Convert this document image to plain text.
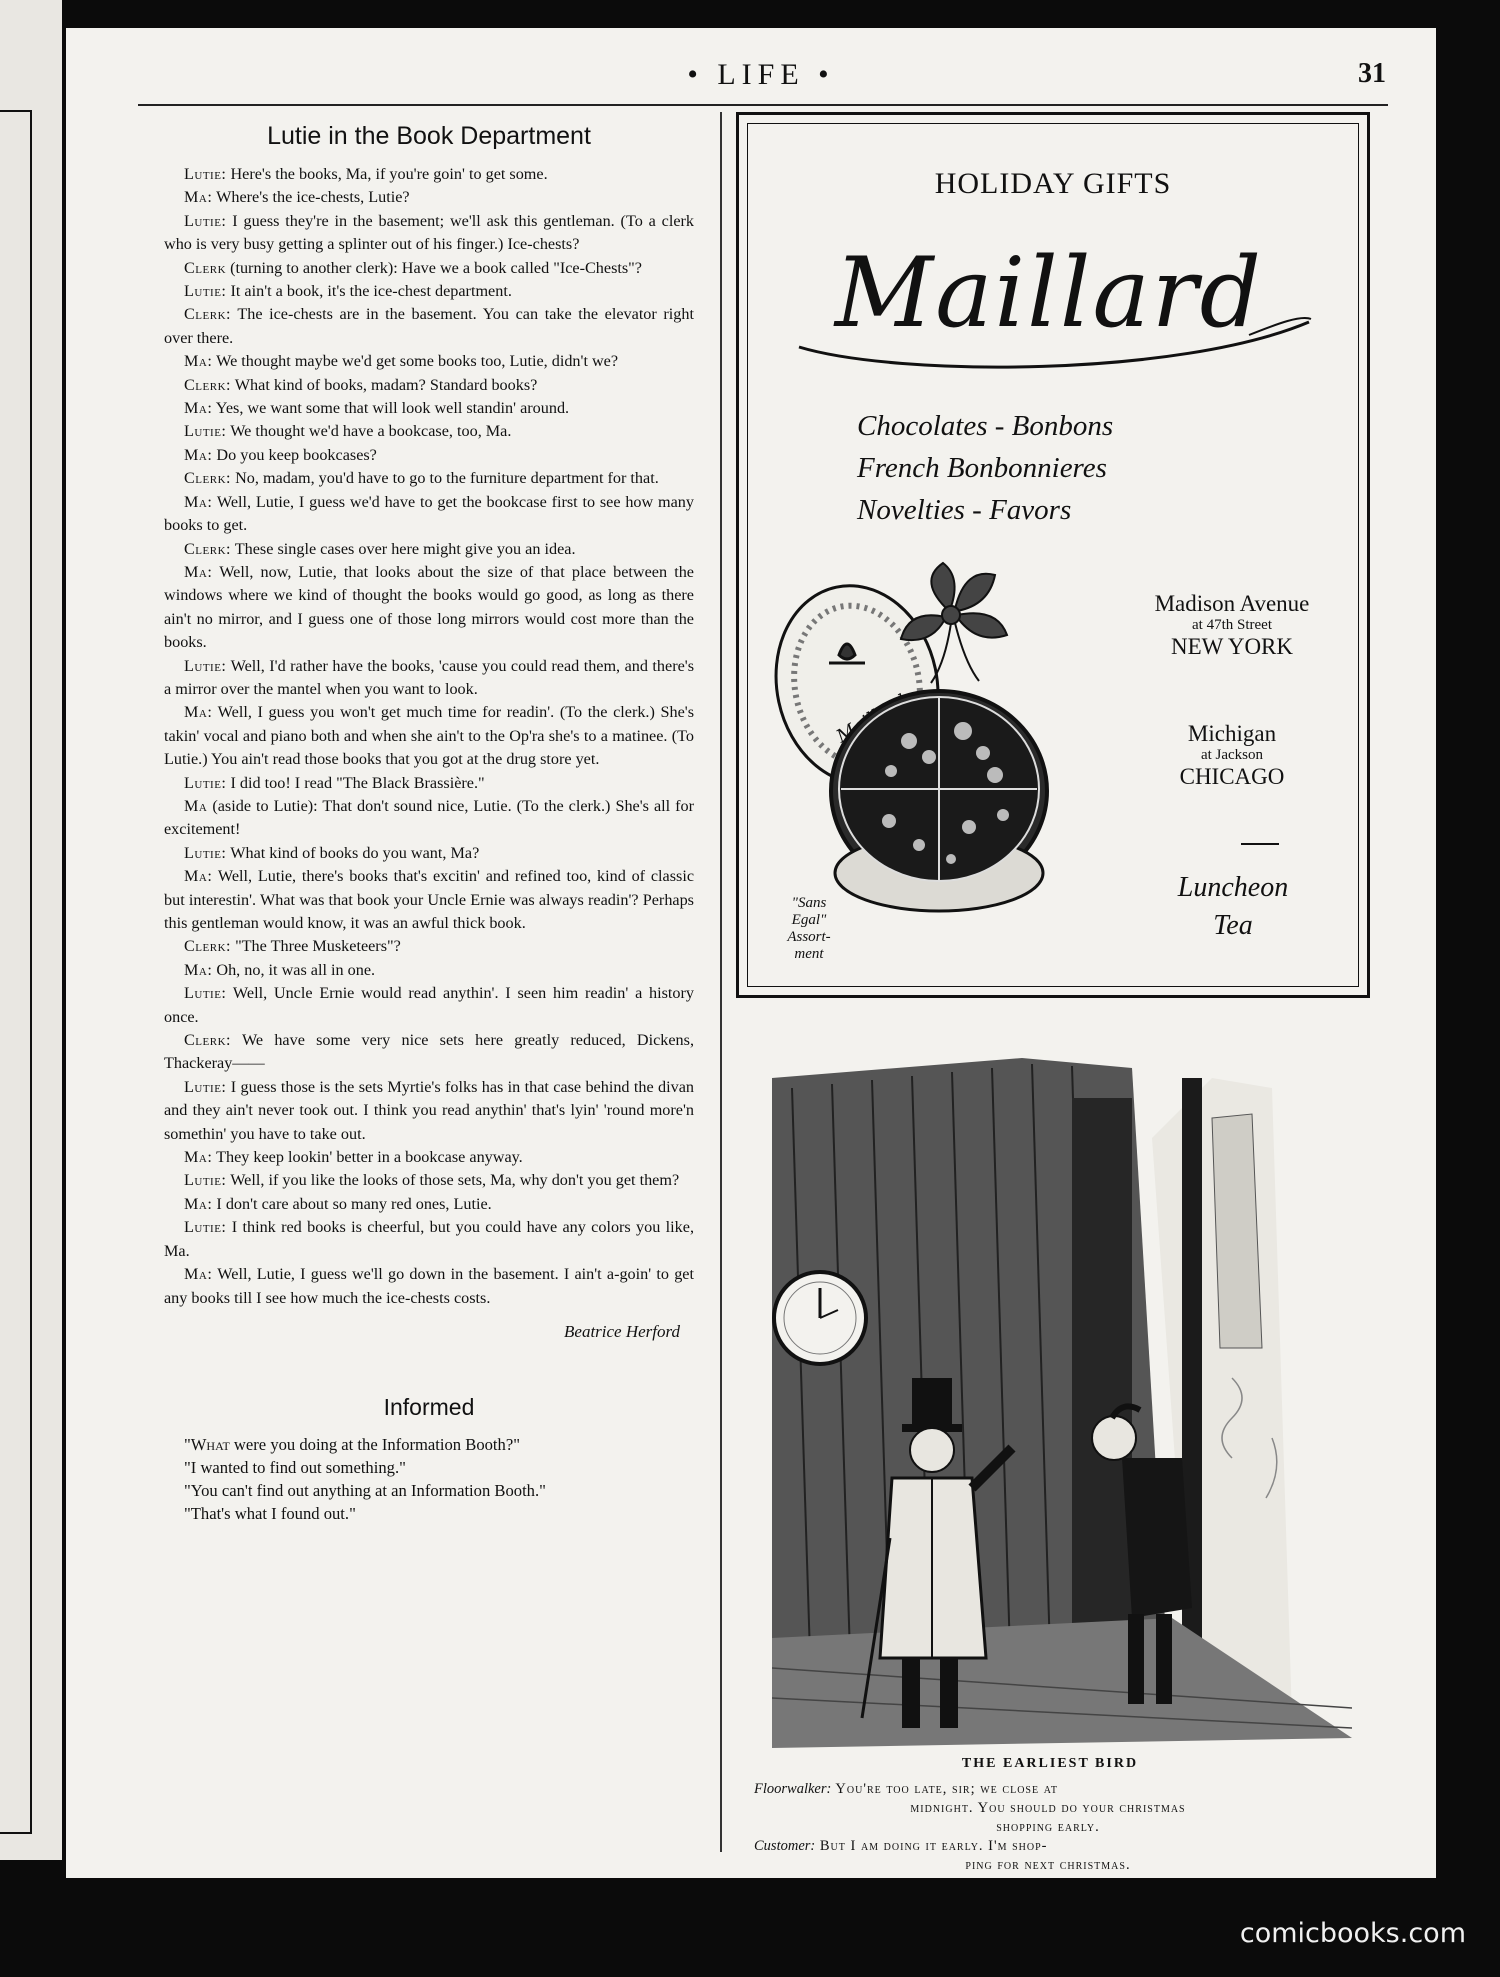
• LIFE •	31
Lutie in the Book Department

Lutie: Here's the books, Ma, if you're goin' to get some.

Ma: Where's the ice-chests, Lutie?

Lutie: I guess they're in the basement; we'll ask this gentleman. (To a clerk who is very busy getting a splinter out of his finger.) Ice-chests?

Clerk (turning to another clerk): Have we a book called "Ice-Chests"?

Lutie: It ain't a book, it's the ice-chest department.

Clerk: The ice-chests are in the basement. You can take the elevator right over there.

Ma: We thought maybe we'd get some books too, Lutie, didn't we?

Clerk: What kind of books, madam? Standard books?

Ma: Yes, we want some that will look well standin' around.

Lutie: We thought we'd have a bookcase, too, Ma.

Ma: Do you keep bookcases?

Clerk: No, madam, you'd have to go to the furniture department for that.

Ma: Well, Lutie, I guess we'd have to get the bookcase first to see how many books to get.

Clerk: These single cases over here might give you an idea.

Ma: Well, now, Lutie, that looks about the size of that place between the windows where we kind of thought the books would go good, as long as there ain't no mirror, and I guess one of those long mirrors would cost more than the books.

Lutie: Well, I'd rather have the books, 'cause you could read them, and there's a mirror over the mantel when you want to look.

Ma: Well, I guess you won't get much time for readin'. (To the clerk.) She's takin' vocal and piano both and when she ain't to the Op'ra she's to a matinee. (To Lutie.) You ain't read those books that you got at the drug store yet.

Lutie: I did too! I read "The Black Brassière."

Ma (aside to Lutie): That don't sound nice, Lutie. (To the clerk.) She's all for excitement!

Lutie: What kind of books do you want, Ma?

Ma: Well, Lutie, there's books that's excitin' and refined too, kind of classic but interestin'. What was that book your Uncle Ernie was always readin'? Perhaps this gentleman would know, it was an awful thick book.

Clerk: "The Three Musketeers"?

Ma: Oh, no, it was all in one.

Lutie: Well, Uncle Ernie would read anythin'. I seen him readin' a history once.

Clerk: We have some very nice sets here greatly reduced, Dickens, Thackeray——

Lutie: I guess those is the sets Myrtie's folks has in that case behind the divan and they ain't never took out. I think you read anythin' that's lyin' 'round more'n somethin' you have to take out.

Ma: They keep lookin' better in a bookcase anyway.

Lutie: Well, if you like the looks of those sets, Ma, why don't you get them?

Ma: I don't care about so many red ones, Lutie.

Lutie: I think red books is cheerful, but you could have any colors you like, Ma.

Ma: Well, Lutie, I guess we'll go down in the basement. I ain't a-goin' to get any books till I see how much the ice-chests costs.

Beatrice Herford
Informed

"What were you doing at the Information Booth?"

"I wanted to find out something."

"You can't find out anything at an Information Booth."

"That's what I found out."

HOLIDAY GIFTS
Maillard
Chocolates - Bonbons
French Bonbonnieres
Novelties - Favors
"Sans
Egal"
Assort-
ment
Madison Avenue
at 47th Street
NEW YORK
Michigan
at Jackson
CHICAGO
Luncheon
Tea
THE EARLIEST BIRD
Floorwalker: You're too late, sir; we close at
midnight. You should do your christmas
shopping early.
Customer: But I am doing it early. I'm shop-
ping for next christmas.
comicbooks.com
